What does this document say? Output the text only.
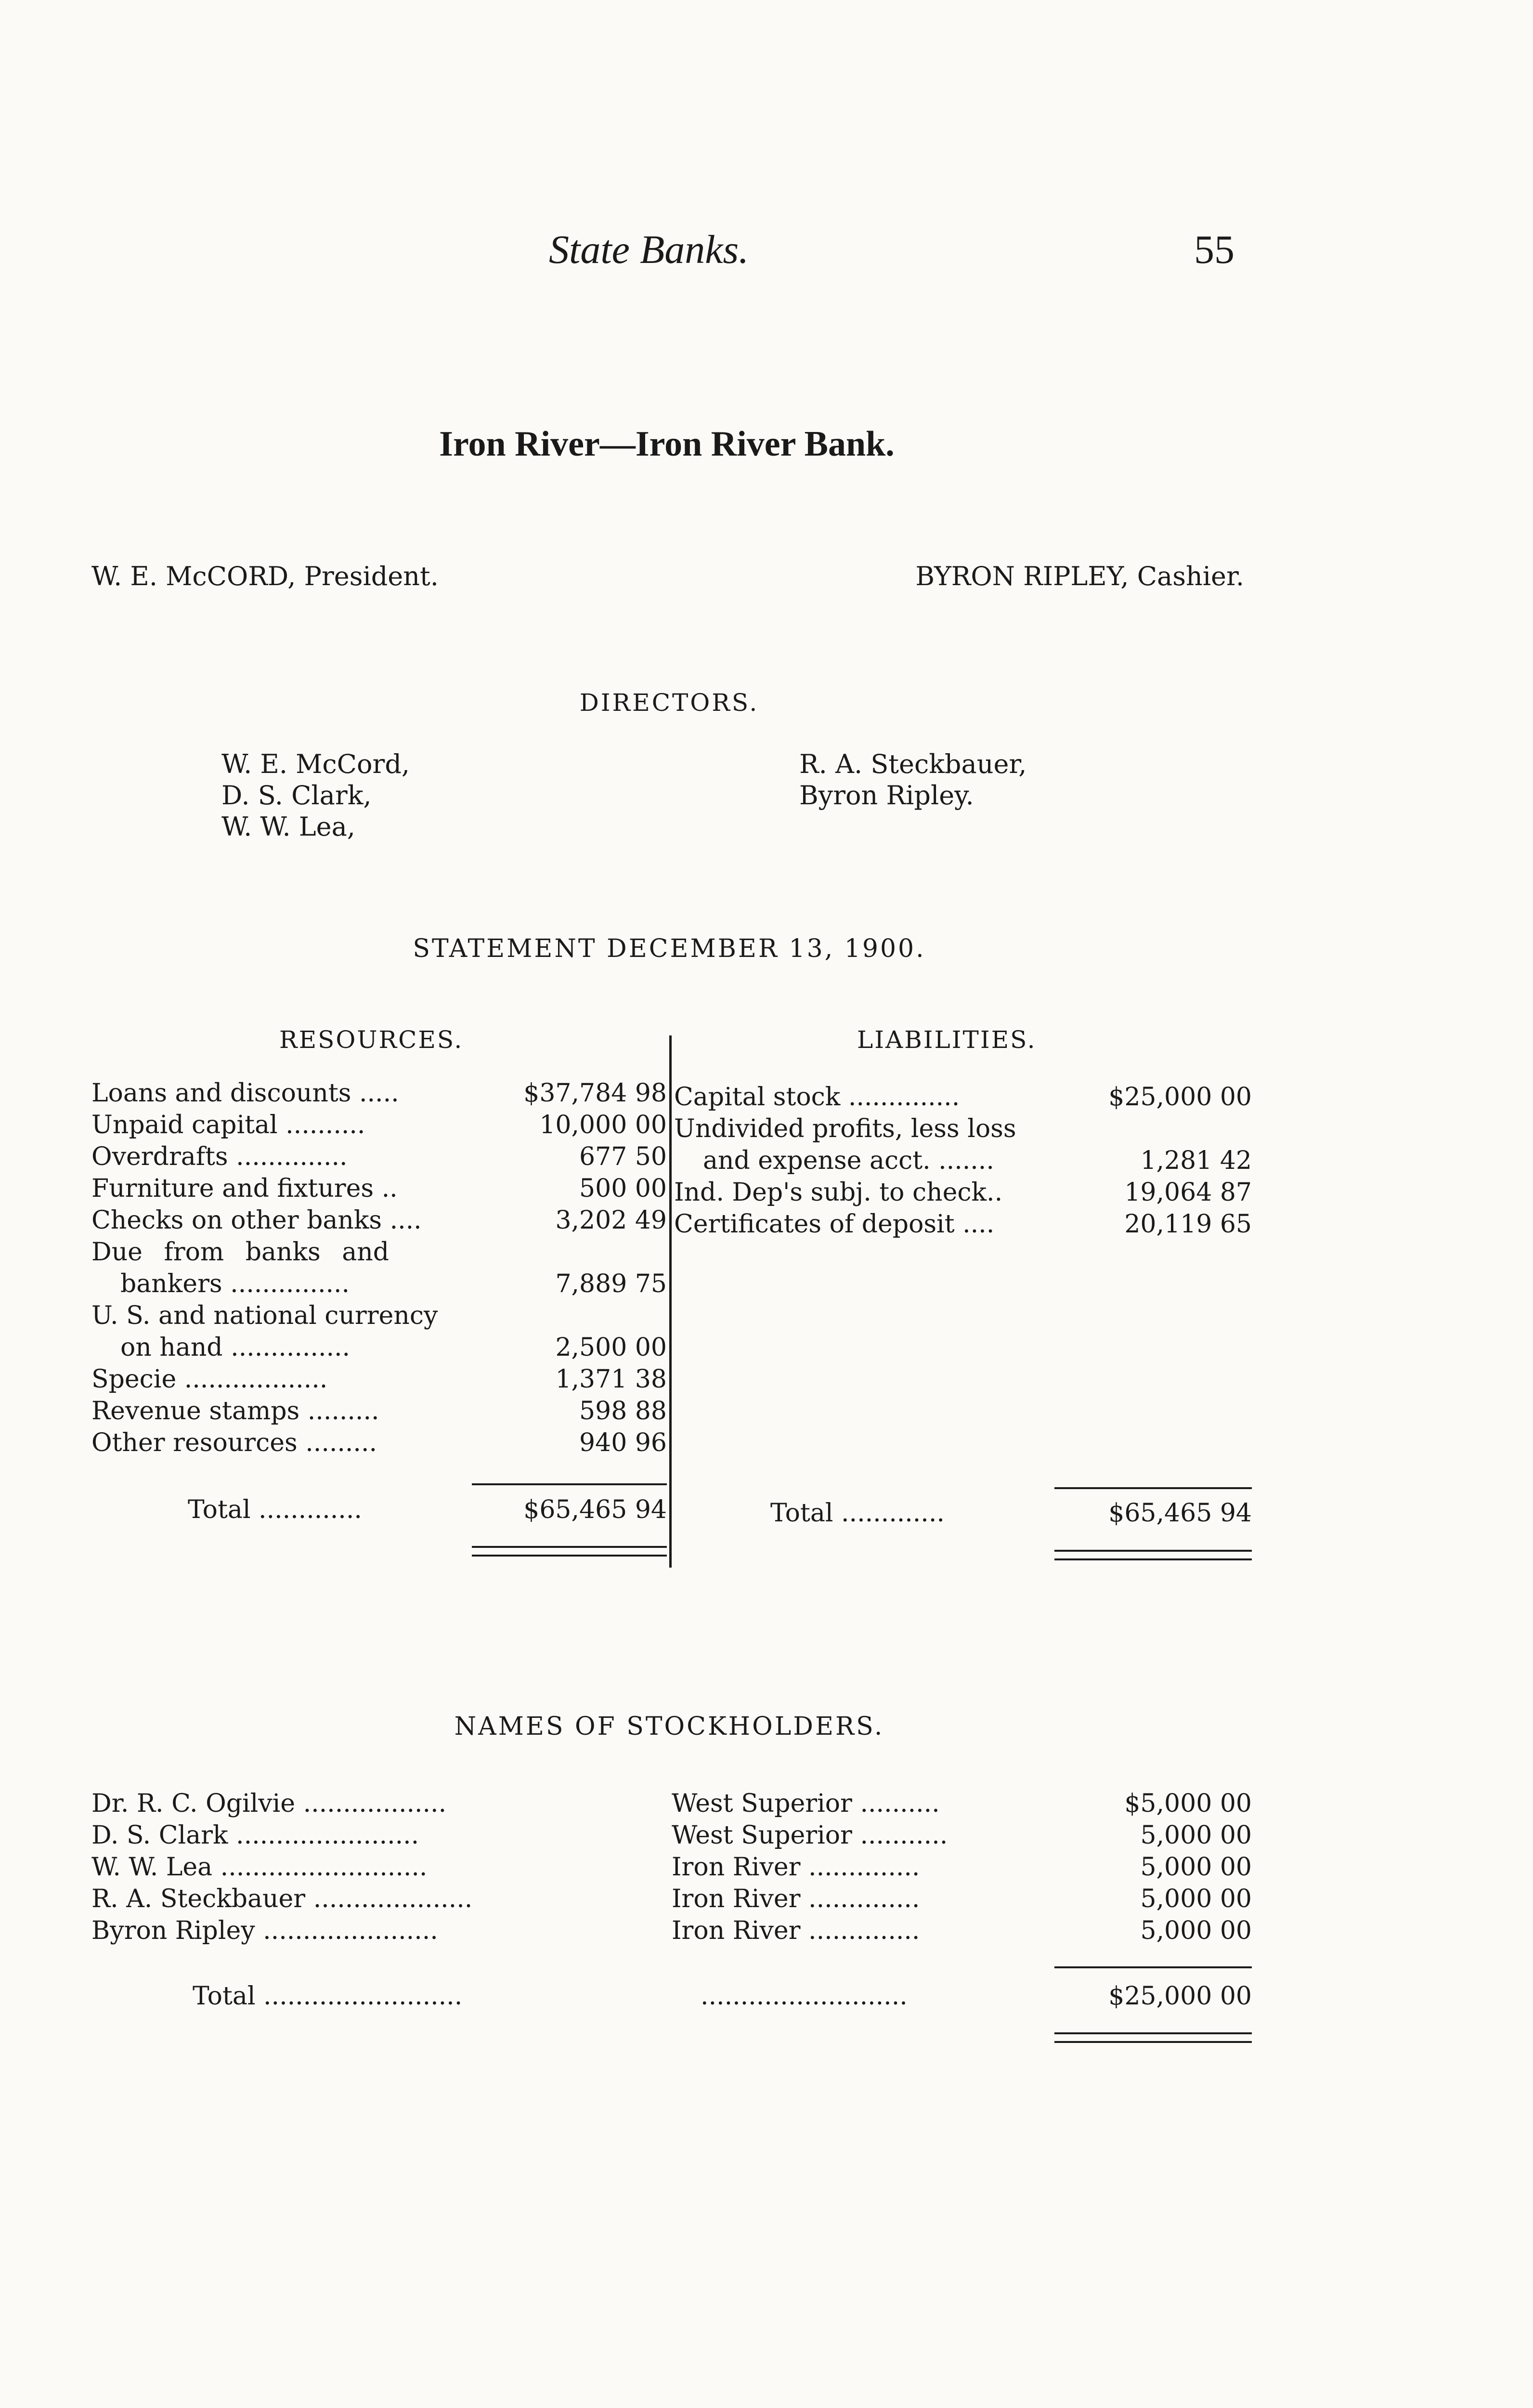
State Banks.	55
Iron River—Iron River Bank.
W. E. McCORD, President.	BYRON RIPLEY, Cashier.
DIRECTORS.
W. E. McCord,
D. S. Clark,
W. W. Lea,
R. A. Steckbauer,
Byron Ripley.
STATEMENT DECEMBER 13, 1900.
RESOURCES.	LIABILITIES.
Loans and discounts .....	$37,784 98
Unpaid capital ..........	10,000 00
Overdrafts ..............	677 50
Furniture and fixtures ..	500 00
Checks on other banks ....	3,202 49
Due from banks and
bankers ...............	7,889 75
U. S. and national currency
on hand ...............	2,500 00
Specie ..................	1,371 38
Revenue stamps .........	598 88
Other resources .........	940 96
Total .............	$65,465 94
Capital stock ..............	$25,000 00
Undivided profits, less loss
and expense acct. .......	1,281 42
Ind. Dep's subj. to check..	19,064 87
Certificates of deposit ....	20,119 65
Total .............	$65,465 94
NAMES OF STOCKHOLDERS.
Dr. R. C. Ogilvie ..................	West Superior ..........	$5,000 00
D. S. Clark .......................	West Superior ...........	5,000 00
W. W. Lea ..........................	Iron River ..............	5,000 00
R. A. Steckbauer ....................	Iron River ..............	5,000 00
Byron Ripley ......................	Iron River ..............	5,000 00
Total .........................	..........................	$25,000 00
